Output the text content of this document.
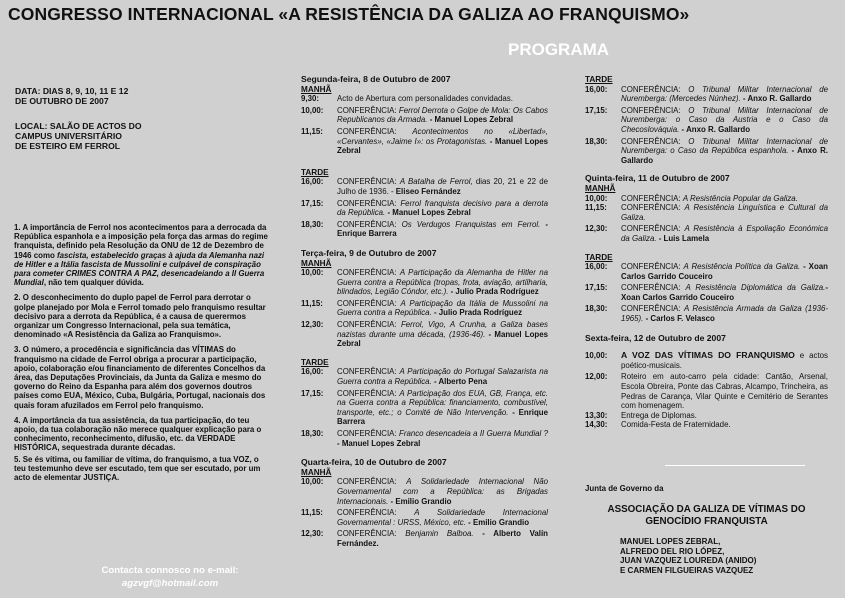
CONGRESSO INTERNACIONAL «A RESISTÊNCIA DA GALIZA AO FRANQUISMO»
PROGRAMA
DATA: DIAS 8, 9, 10, 11 E 12
DE OUTUBRO DE 2007
LOCAL: SALÃO DE ACTOS DO
CAMPUS UNIVERSITÁRIO
DE ESTEIRO EM FERROL

1. A importância de Ferrol nos acontecimentos para a derrocada da República espanhola e a imposição pela força das armas do regime franquista, definido pela Resolução da ONU de 12 de Dezembro de 1946 como fascista, estabelecido graças à ajuda da Alemanha nazi de Hitler e a Itália fascista de Mussolini e culpável de conspiração para cometer CRIMES CONTRA A PAZ, desencadeiando a II Guerra Mundial, não tem qualquer dúvida.

2. O desconhecimento do duplo papel de Ferrol para derrotar o golpe planejado por Mola e Ferrol tomado pelo franquismo resultar decisivo para a derrota da República, é a causa de querermos organizar um Congresso Internacional, pela sua temática, denominado «A Resistência da Galiza ao Franquismo».

3. O número, a procedência e significância das VÍTIMAS do franquismo na cidade de Ferrol obriga a procurar a participação, apoio, colaboração e/ou financiamento de diferentes Concelhos da área, das Deputações Provinciais, da Junta da Galiza e mesmo do governo do Reino da Espanha para além dos governos doutros países como EUA, México, Cuba, Bulgária, Portugal, nacionais dos quais foram afuzilados em Ferrol pelo franquismo.

4. A importância da tua assistência, da tua participação, do teu apoio, da tua colaboração não merece qualquer explicação para o conhecimento, reconhecimento, difusão, etc. da VERDADE HISTÓRICA, sequestrada durante décadas.

5. Se és vítima, ou familiar de vítima, do franquismo, a tua VOZ, o teu testemunho deve ser escutado, tem que ser escutado, por um acto de elementar JUSTIÇA.

Contacta connosco no e-mail:
agzvgf@hotmail.com
Segunda-feira, 8 de Outubro de 2007
MANHÃ
9,30: Acto de Abertura com personalidades convidadas.
10,00: CONFERÊNCIA: Ferrol Derrota o Golpe de Mola: Os Cabos Republicanos da Armada. - Manuel Lopes Zebral
11,15: CONFERÊNCIA: Acontecimentos no «Libertad», «Cervantes», «Jaime I»: os Protagonistas. - Manuel Lopes Zebral
TARDE
16,00: CONFERÊNCIA: A Batalha de Ferrol, dias 20, 21 e 22 de Julho de 1936. - Eliseo Fernández
17,15: CONFERÊNCIA: Ferrol franquista decisivo para a derrota da República. - Manuel Lopes Zebral
18,30: CONFERÊNCIA: Os Verdugos Franquistas em Ferrol. - Enrique Barrera
Terça-feira, 9 de Outubro de 2007
MANHÃ
10,00: CONFERÊNCIA: A Participação da Alemanha de Hitler na Guerra contra a República (tropas, frota, aviação, artilharia, blindados, Legião Cóndor, etc.). - Julio Prada Rodríguez
11,15: CONFERÊNCIA: A Participação da Itália de Mussolini na Guerra contra a República. - Julio Prada Rodríguez
12,30: CONFERÊNCIA: Ferrol, Vigo, A Crunha, a Galiza bases nazistas durante uma década, (1936-46). - Manuel Lopes Zebral
TARDE
16,00: CONFERÊNCIA: A Participação do Portugal Salazarista na Guerra contra a República. - Alberto Pena
17,15: CONFERÊNCIA: A Participação dos EUA, GB, França, etc. na Guerra contra a República: financiamento, combustível, transporte, etc.; o Comité de Não Intervenção. - Enrique Barrera
18,30: CONFERÊNCIA: Franco desencadeia a II Guerra Mundial ? - Manuel Lopes Zebral
Quarta-feira, 10 de Outubro de 2007
MANHÃ
10,00: CONFERÊNCIA: A Solidariedade Internacional Não Governamental com a República: as Brigadas Internacionais. - Emilio Grandio
11,15: CONFERÊNCIA: A Solidariedade Internacional Governamental : URSS, México, etc. - Emilio Grandio
12,30: CONFERÊNCIA: Benjamin Balboa. - Alberto Valín Fernández.
TARDE
16,00: CONFERÊNCIA: O Tribunal Militar Internacional de Nuremberga: (Mercedes Núnhez). - Anxo R. Gallardo
17,15: CONFERÊNCIA: O Tribunal Militar Internacional de Nuremberga: o Caso da Austria e o Caso da Checoslováquia. - Anxo R. Gallardo
18,30: CONFERÊNCIA: O Tribunal Militar Internacional de Nuremberga: o Caso da República espanhola. - Anxo R. Gallardo
Quinta-feira, 11 de Outubro de 2007
MANHÃ
10,00: CONFERÊNCIA: A Resistência Popular da Galiza.
11,15: CONFERÊNCIA: A Resistência Linguística e Cultural da Galiza.
12,30: CONFERÊNCIA: A Resistência à Espoliação Económica da Galiza. - Luis Lamela
TARDE
16,00: CONFERÊNCIA: A Resistência Política da Galiza. - Xoan Carlos Garrido Couceiro
17,15: CONFERÊNCIA: A Resistência Diplomática da Galiza.- Xoan Carlos Garrido Couceiro
18,30: CONFERÊNCIA: A Resistência Armada da Galiza (1936-1965). - Carlos F. Velasco
Sexta-feira, 12 de Outubro de 2007
10,00: A VOZ DAS VÍTIMAS DO FRANQUISMO e actos poético-musicais.
12,00: Roteiro em auto-carro pela cidade: Cantão, Arsenal, Escola Obreira, Ponte das Cabras, Alcampo, Trincheira, as Pedras de Carança, Vilar Quinte e Cemitério de Serantes com homenagem.
13,30: Entrega de Diplomas.
14,30: Comida-Festa de Fraternidade.
Junta de Governo da
ASSOCIAÇÃO DA GALIZA DE VÍTIMAS DO
GENOCÍDIO FRANQUISTA
MANUEL LOPES ZEBRAL,
ALFREDO DEL RIO LÓPEZ,
JUAN VAZQUEZ LOUREDA (ANIDO)
E CARMEN FILGUEIRAS VAZQUEZ
